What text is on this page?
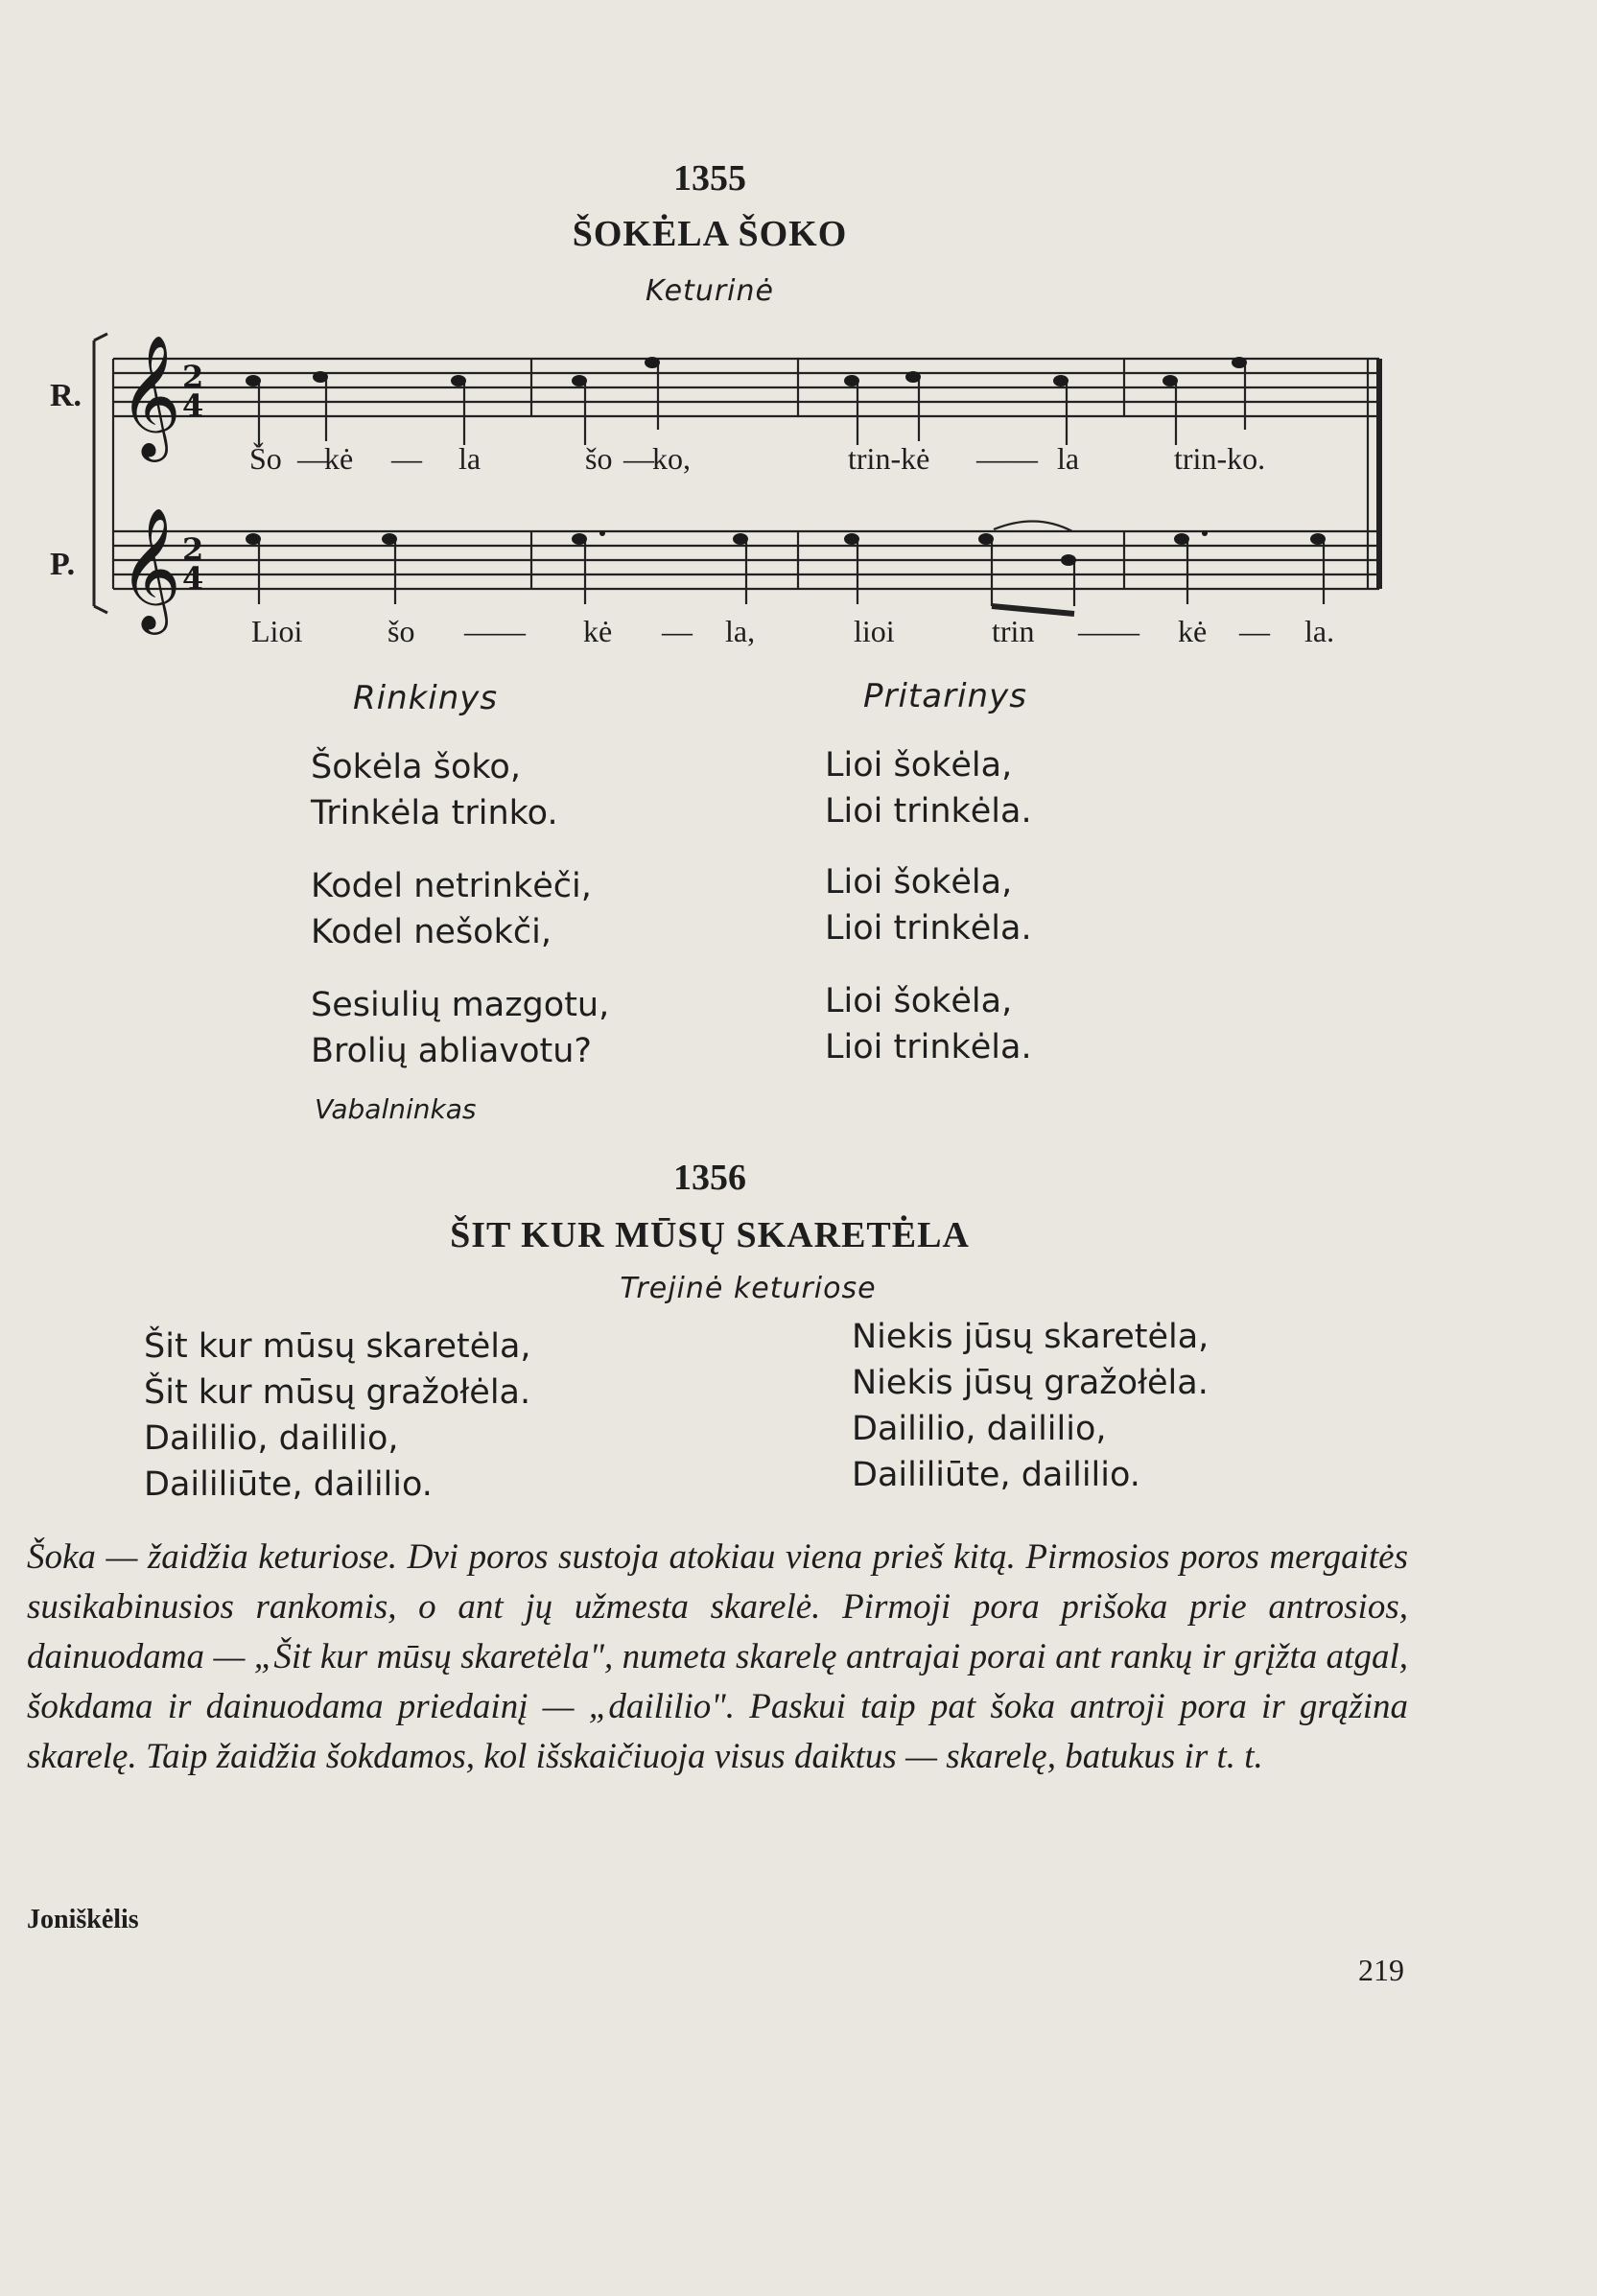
1355
ŠOKĖLA ŠOKO
Keturinė
𝄞
𝄞
2
4
2
4
R.
P.
Šo —
kė — la	šo —
ko,	trin-kė —— la	trin-ko.
Lioi	šo —— kė — la,	lioi	trin —— kė — la.
Rinkinys	Pritarinys
Šokėla šoko,
Trinkėla trinko.
Kodel netrinkėči,
Kodel nešokči,
Sesiulių mazgotu,
Brolių abliavotu?
Lioi šokėla,
Lioi trinkėla.
Lioi šokėla,
Lioi trinkėla.
Lioi šokėla,
Lioi trinkėla.
Vabalninkas
1356
ŠIT KUR MŪSŲ SKARETĖLA
Trejinė keturiose
Šit kur mūsų skaretėla,
Šit kur mūsų gražołėla.
Daililio, daililio,
Daililiūte, daililio.
Niekis jūsų skaretėla,
Niekis jūsų gražołėla.
Daililio, daililio,
Daililiūte, daililio.

Šoka — žaidžia keturiose. Dvi poros sustoja atokiau viena prieš kitą. Pirmosios poros mergaitės susikabinusios rankomis, o ant jų užmesta skarelė. Pirmoji pora prišoka prie antrosios, dainuodama — „Šit kur mūsų skaretėla", numeta skarelę antrajai porai ant rankų ir grįžta atgal, šokdama ir dainuodama priedainį — „daililio". Paskui taip pat šoka antroji pora ir grąžina skarelę. Taip žaidžia šokdamos, kol išskaičiuoja visus daiktus — skarelę, batukus ir t. t.

Joniškėlis
219
